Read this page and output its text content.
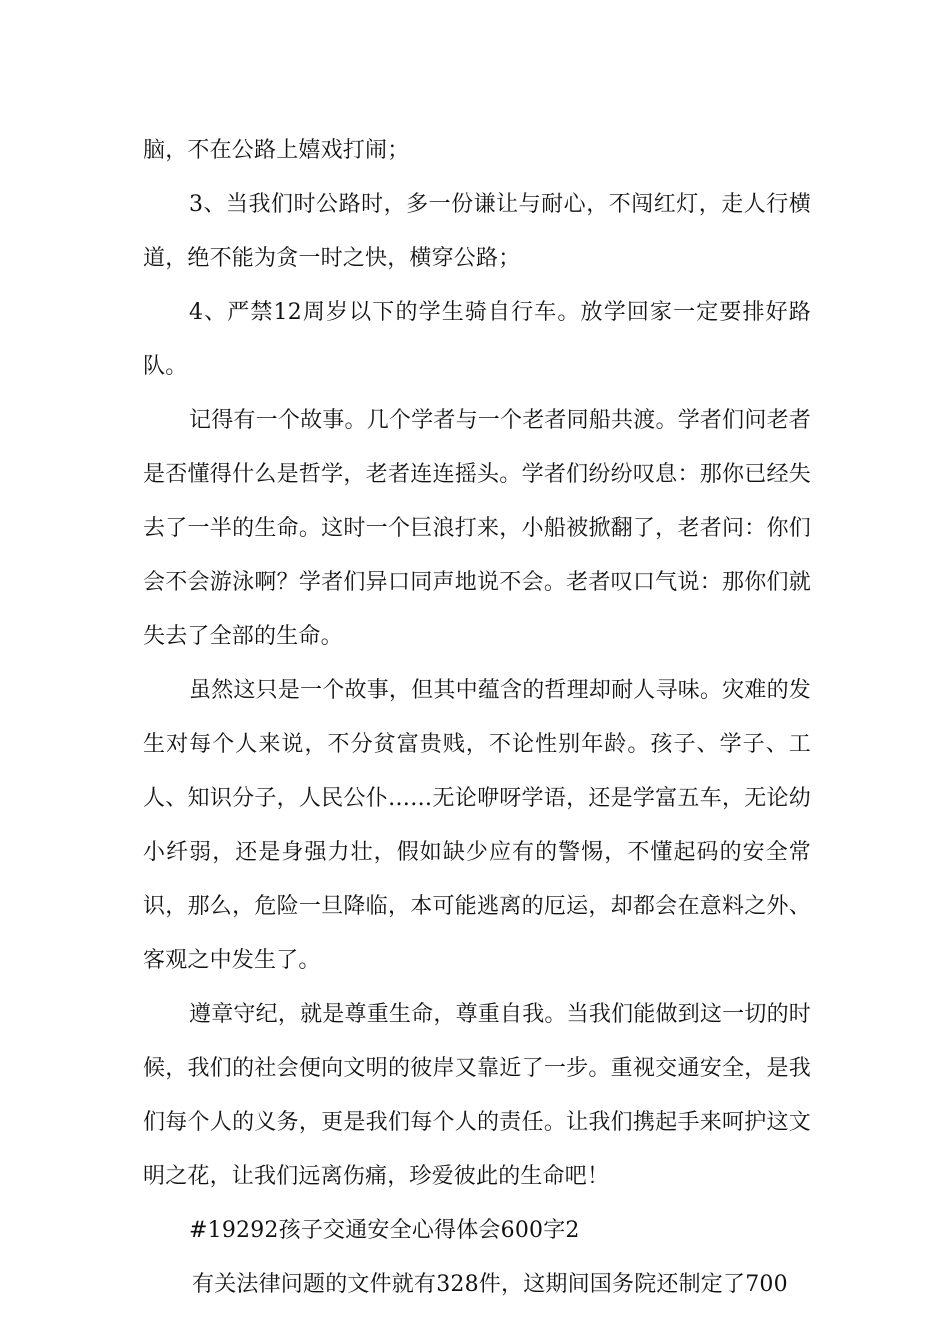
脑，不在公路上嬉戏打闹；

3、当我们时公路时，多一份谦让与耐心，不闯红灯，走人行横道，绝不能为贪一时之快，横穿公路；

4、严禁12周岁以下的学生骑自行车。放学回家一定要排好路队。

记得有一个故事。几个学者与一个老者同船共渡。学者们问老者是否懂得什么是哲学，老者连连摇头。学者们纷纷叹息：那你已经失去了一半的生命。这时一个巨浪打来，小船被掀翻了，老者问：你们会不会游泳啊？学者们异口同声地说不会。老者叹口气说：那你们就失去了全部的生命。

虽然这只是一个故事，但其中蕴含的哲理却耐人寻味。灾难的发生对每个人来说，不分贫富贵贱，不论性别年龄。孩子、学子、工人、知识分子，人民公仆……无论咿呀学语，还是学富五车，无论幼小纤弱，还是身强力壮，假如缺少应有的警惕，不懂起码的安全常识，那么，危险一旦降临，本可能逃离的厄运，却都会在意料之外、客观之中发生了。

遵章守纪，就是尊重生命，尊重自我。当我们能做到这一切的时候，我们的社会便向文明的彼岸又靠近了一步。重视交通安全，是我们每个人的义务，更是我们每个人的责任。让我们携起手来呵护这文明之花，让我们远离伤痛，珍爱彼此的生命吧！

#19292孩子交通安全心得体会600字2

有关法律问题的文件就有328件，这期间国务院还制定了700
